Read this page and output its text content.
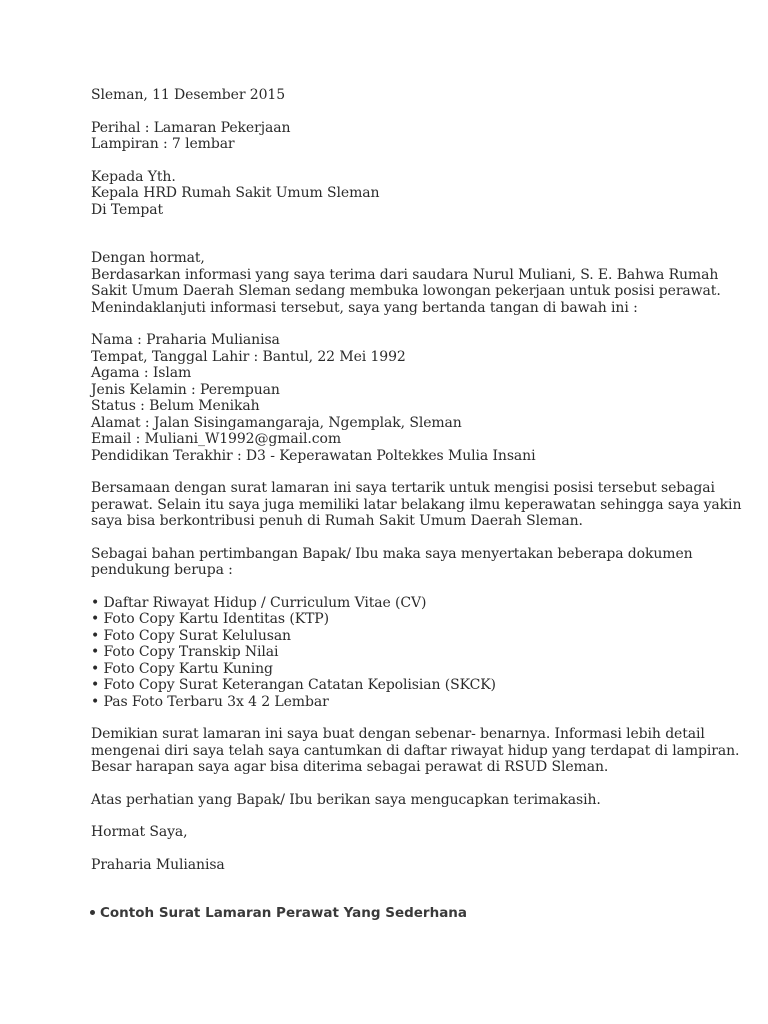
Sleman, 11 Desember 2015
Perihal : Lamaran Pekerjaan
Lampiran : 7 lembar
Kepada Yth.
Kepala HRD Rumah Sakit Umum Sleman
Di Tempat
Dengan hormat,
Berdasarkan informasi yang saya terima dari saudara Nurul Muliani, S. E. Bahwa Rumah
Sakit Umum Daerah Sleman sedang membuka lowongan pekerjaan untuk posisi perawat.
Menindaklanjuti informasi tersebut, saya yang bertanda tangan di bawah ini :
Nama : Praharia Mulianisa
Tempat, Tanggal Lahir : Bantul, 22 Mei 1992
Agama : Islam
Jenis Kelamin : Perempuan
Status : Belum Menikah
Alamat : Jalan Sisingamangaraja, Ngemplak, Sleman
Email : Muliani_W1992@gmail.com
Pendidikan Terakhir : D3 - Keperawatan Poltekkes Mulia Insani
Bersamaan dengan surat lamaran ini saya tertarik untuk mengisi posisi tersebut sebagai
perawat. Selain itu saya juga memiliki latar belakang ilmu keperawatan sehingga saya yakin
saya bisa berkontribusi penuh di Rumah Sakit Umum Daerah Sleman.
Sebagai bahan pertimbangan Bapak/ Ibu maka saya menyertakan beberapa dokumen
pendukung berupa :
• Daftar Riwayat Hidup / Curriculum Vitae (CV)
• Foto Copy Kartu Identitas (KTP)
• Foto Copy Surat Kelulusan
• Foto Copy Transkip Nilai
• Foto Copy Kartu Kuning
• Foto Copy Surat Keterangan Catatan Kepolisian (SKCK)
• Pas Foto Terbaru 3x 4 2 Lembar
Demikian surat lamaran ini saya buat dengan sebenar- benarnya. Informasi lebih detail
mengenai diri saya telah saya cantumkan di daftar riwayat hidup yang terdapat di lampiran.
Besar harapan saya agar bisa diterima sebagai perawat di RSUD Sleman.
Atas perhatian yang Bapak/ Ibu berikan saya mengucapkan terimakasih.
Hormat Saya,
Praharia Mulianisa
Contoh Surat Lamaran Perawat Yang Sederhana
